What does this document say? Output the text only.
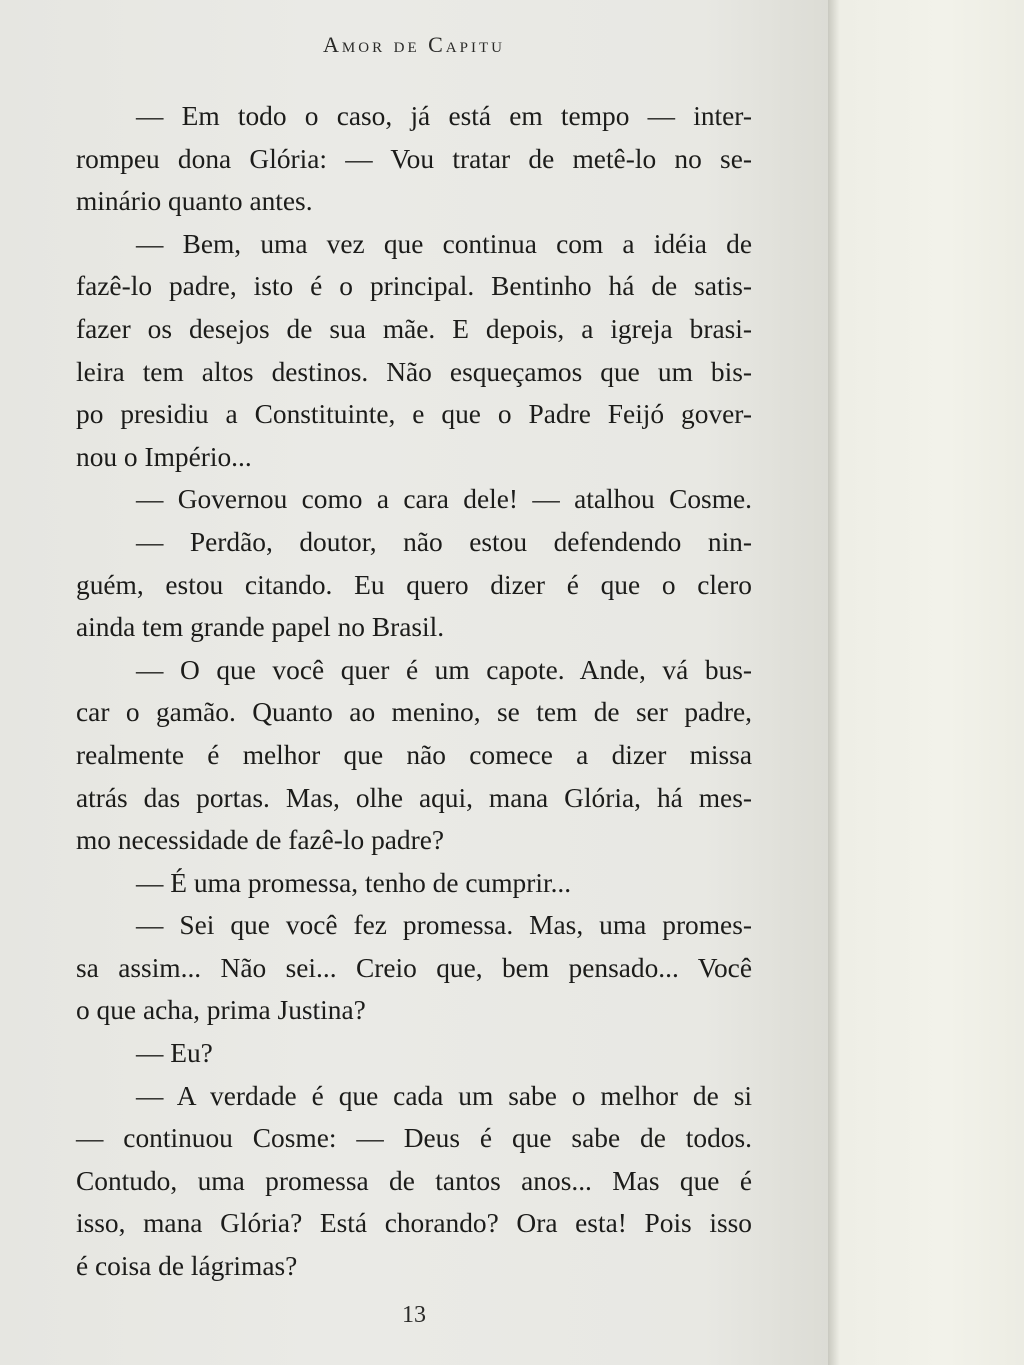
Amor de Capitu
— Em todo o caso, já está em tempo — inter-
rompeu dona Glória: — Vou tratar de metê-lo no se-
minário quanto antes.
— Bem, uma vez que continua com a idéia de
fazê-lo padre, isto é o principal. Bentinho há de satis-
fazer os desejos de sua mãe. E depois, a igreja brasi-
leira tem altos destinos. Não esqueçamos que um bis-
po presidiu a Constituinte, e que o Padre Feijó gover-
nou o Império...
— Governou como a cara dele! — atalhou Cosme.
— Perdão, doutor, não estou defendendo nin-
guém, estou citando. Eu quero dizer é que o clero
ainda tem grande papel no Brasil.
— O que você quer é um capote. Ande, vá bus-
car o gamão. Quanto ao menino, se tem de ser padre,
realmente é melhor que não comece a dizer missa
atrás das portas. Mas, olhe aqui, mana Glória, há mes-
mo necessidade de fazê-lo padre?
— É uma promessa, tenho de cumprir...
— Sei que você fez promessa. Mas, uma promes-
sa assim... Não sei... Creio que, bem pensado... Você
o que acha, prima Justina?
— Eu?
— A verdade é que cada um sabe o melhor de si
— continuou Cosme: — Deus é que sabe de todos.
Contudo, uma promessa de tantos anos... Mas que é
isso, mana Glória? Está chorando? Ora esta! Pois isso
é coisa de lágrimas?
13
